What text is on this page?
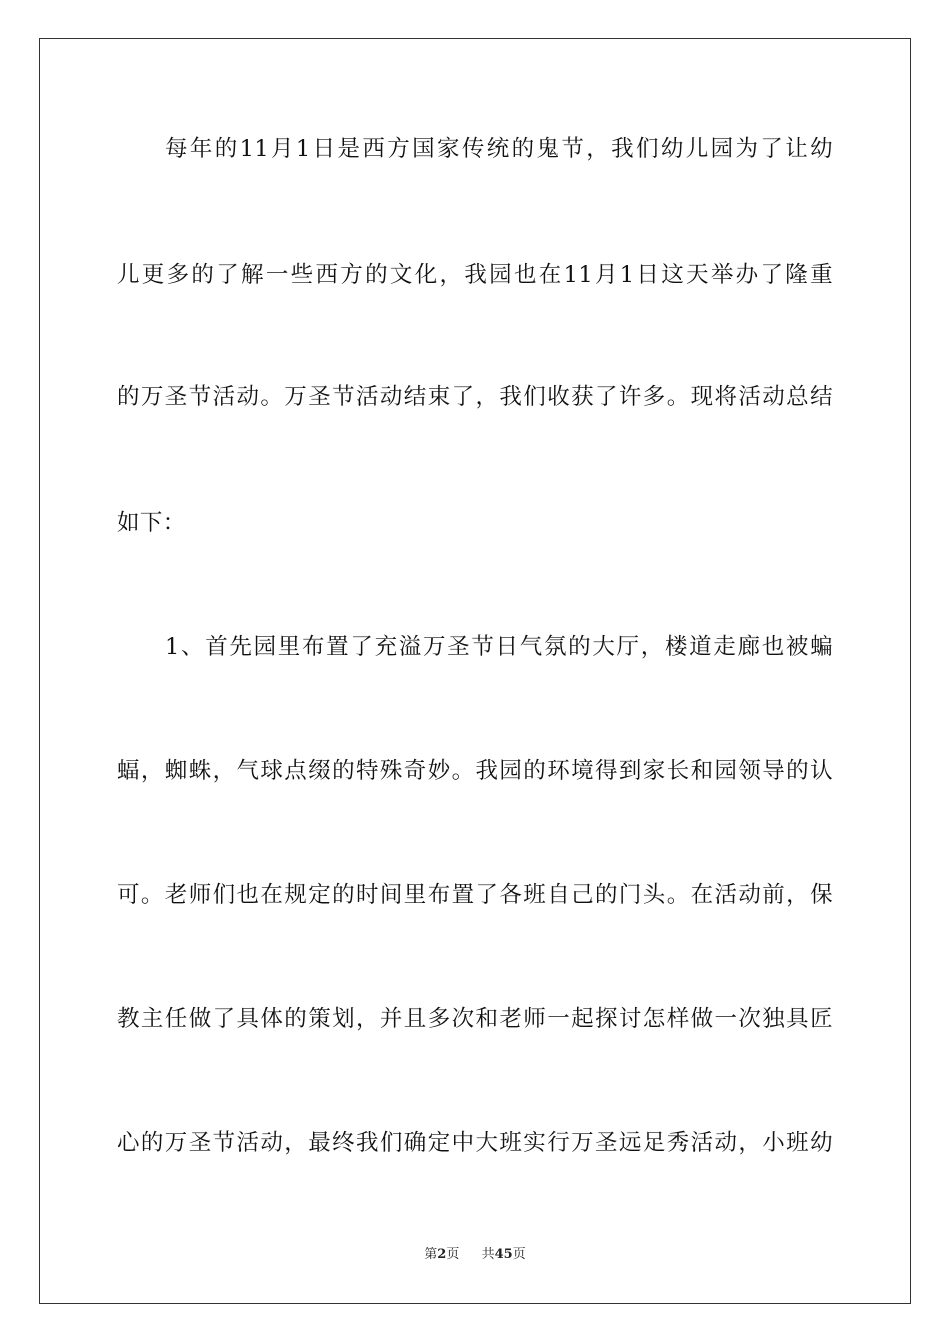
每年的11月1日是西方国家传统的鬼节，我们幼儿园为了让幼
儿更多的了解一些西方的文化，我园也在11月1日这天举办了隆重
的万圣节活动。万圣节活动结束了，我们收获了许多。现将活动总结
如下：
1、首先园里布置了充溢万圣节日气氛的大厅，楼道走廊也被蝙
蝠，蜘蛛，气球点缀的特殊奇妙。我园的环境得到家长和园领导的认
可。老师们也在规定的时间里布置了各班自己的门头。在活动前，保
教主任做了具体的策划，并且多次和老师一起探讨怎样做一次独具匠
心的万圣节活动，最终我们确定中大班实行万圣远足秀活动，小班幼
第2页 共45页
